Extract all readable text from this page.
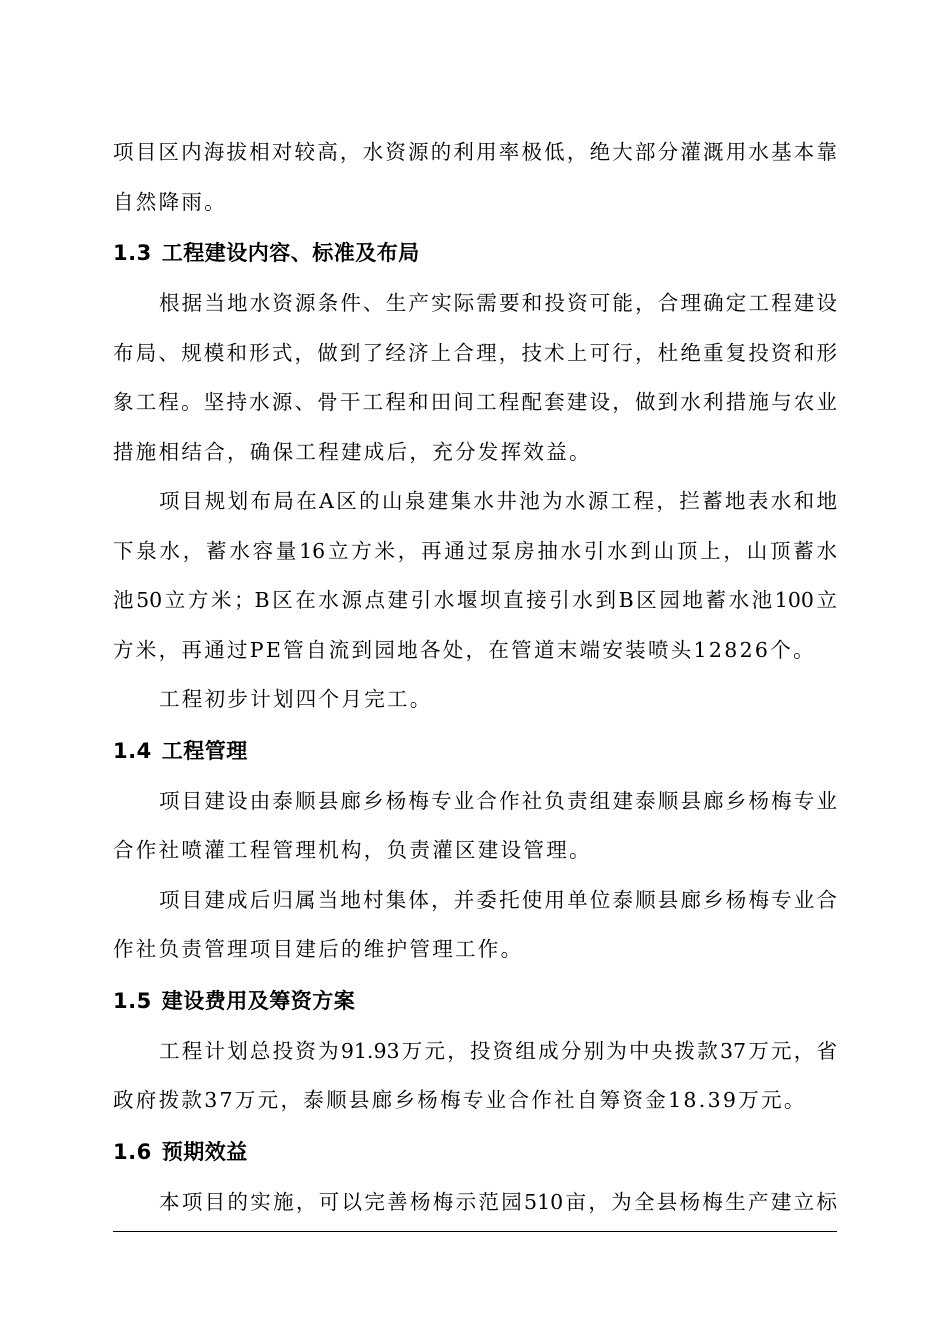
项目区内海拔相对较高，水资源的利用率极低，绝大部分灌溉用水基本靠
自然降雨。
1.3 工程建设内容、标准及布局
根据当地水资源条件、生产实际需要和投资可能，合理确定工程建设
布局、规模和形式，做到了经济上合理，技术上可行，杜绝重复投资和形
象工程。坚持水源、骨干工程和田间工程配套建设，做到水利措施与农业
措施相结合，确保工程建成后，充分发挥效益。
项目规划布局在A区的山泉建集水井池为水源工程，拦蓄地表水和地
下泉水，蓄水容量16立方米，再通过泵房抽水引水到山顶上，山顶蓄水
池50立方米；B区在水源点建引水堰坝直接引水到B区园地蓄水池100立
方米，再通过PE管自流到园地各处，在管道末端安装喷头12826个。
工程初步计划四个月完工。
1.4 工程管理
项目建设由泰顺县廊乡杨梅专业合作社负责组建泰顺县廊乡杨梅专业
合作社喷灌工程管理机构，负责灌区建设管理。
项目建成后归属当地村集体，并委托使用单位泰顺县廊乡杨梅专业合
作社负责管理项目建后的维护管理工作。
1.5 建设费用及筹资方案
工程计划总投资为91.93万元，投资组成分别为中央拨款37万元，省
政府拨款37万元，泰顺县廊乡杨梅专业合作社自筹资金18.39万元。
1.6 预期效益
本项目的实施，可以完善杨梅示范园510亩，为全县杨梅生产建立标
